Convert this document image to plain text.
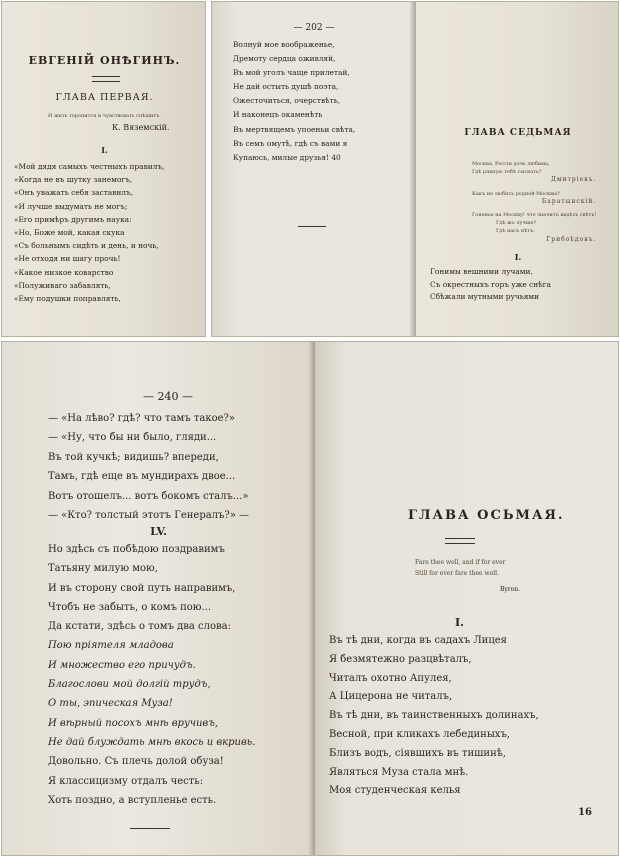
ЕВГЕНІЙ ОНѢГИНЪ.
ГЛАВА ПЕРВАЯ.
И жить торопится и чувствовать спѣшитъ.
К. Вяземскій.
I.
«Мой дядя самыхъ честныхъ правилъ,
«Когда не въ шутку занемогъ,
«Онъ уважать себя заставилъ,
«И лучше выдумать не могъ;
«Его примѣръ другимъ наука:
«Но, Боже мой, какая скука
«Съ больнымъ сидѣть и день, и ночь,
«Не отходя ни шагу прочь!
«Какое низкое коварство
«Полуживаго забавлять,
«Ему подушки поправлять,
— 202 —
Волнуй мое воображенье,
Дремоту сердца оживляй,
Въ мой уголъ чаще прилетай,
Не дай остыть душѣ поэта,
Ожесточиться, очерствѣть,
И наконецъ окаменѣть
Въ мертвящемъ упоеньи свѣта,
Въ семъ омутѣ, гдѣ съ вами я
Купаюсь, милые друзья! 40
ГЛАВА СЕДЬМАЯ
Москва, Россіи дочь любима,
Гдѣ равную тебѣ сыскать?
Дмитріевъ.
Какъ не любить родной Москвы?
Баратынскій.
Гоненье на Москву! что значитъ видѣть свѣтъ!
Гдѣ жъ лучше?
Гдѣ насъ нѣтъ.
Грибоѣдовъ.
I.
Гонимы вешними лучами,
Съ окрестныхъ горъ уже снѣга
Сбѣжали мутными ручьями
— 240 —
— «На лѣво? гдѣ? что тамъ такое?»
— «Ну, что бы ни было, гляди...
Въ той кучкѣ; видишь? впереди,
Тамъ, гдѣ еще въ мундирахъ двое...
Вотъ отошелъ... вотъ бокомъ сталъ...»
— «Кто? толстый этотъ Генералъ?» —
LV.
Но здѣсь съ побѣдою поздравимъ
Татьяну милую мою,
И въ сторону свой путь направимъ,
Чтобъ не забыть, о комъ пою...
Да кстати, здѣсь о томъ два слова:
Пою пріятеля младова
И множество его причудъ.
Благослови мой долгій трудъ,
О ты, эпическая Муза!
И вѣрный посохъ мнѣ вручивъ,
Не дай блуждать мнѣ вкось и вкривь.
Довольно. Съ плечь долой обуза!
Я классицизму отдалъ честь:
Хоть поздно, а вступленье есть.
ГЛАВА ОСЬМАЯ.
Fare thee well, and if for ever
Still for ever fare thee well.
Byron.
I.
Въ тѣ дни, когда въ садахъ Лицея
Я безмятежно разцвѣталъ,
Читалъ охотно Апулея,
А Цицерона не читалъ,
Въ тѣ дни, въ таинственныхъ долинахъ,
Весной, при кликахъ лебединыхъ,
Близъ водъ, сіявшихъ въ тишинѣ,
Являться Муза стала мнѣ.
Моя студенческая келья
16
